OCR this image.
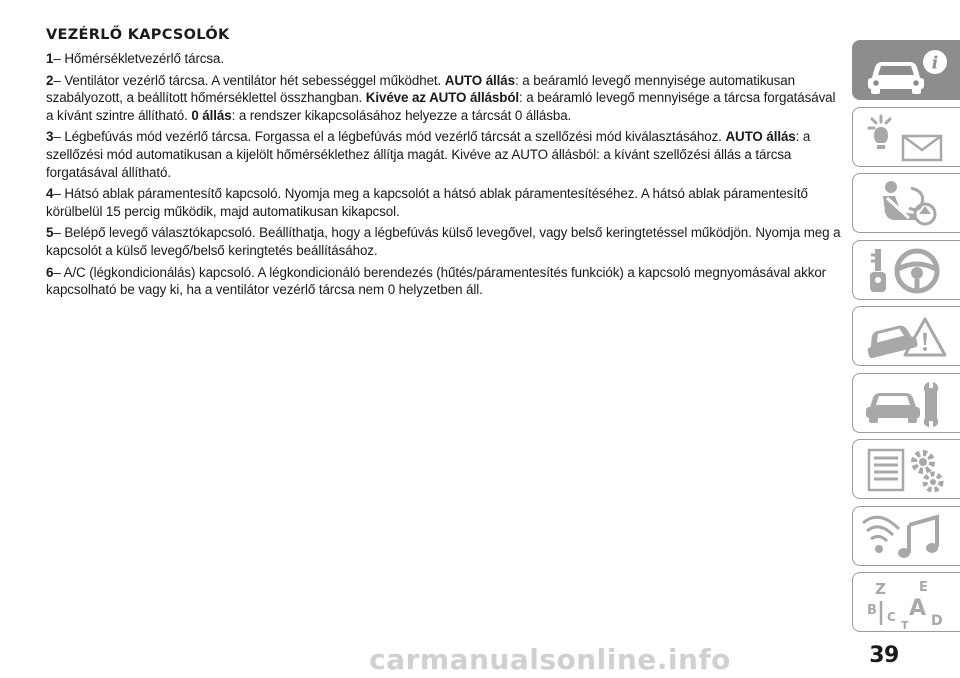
VEZÉRLŐ KAPCSOLÓK

1– Hőmérsékletvezérlő tárcsa.

2– Ventilátor vezérlő tárcsa. A ventilátor hét sebességgel működhet. AUTO állás: a beáramló levegő mennyisége automatikusan szabályozott, a beállított hőmérséklettel összhangban. Kivéve az AUTO állásból: a beáramló levegő mennyisége a tárcsa forgatásával a kívánt szintre állítható. 0 állás: a rendszer kikapcsolásához helyezze a tárcsát 0 állásba.

3– Légbefúvás mód vezérlő tárcsa. Forgassa el a légbefúvás mód vezérlő tárcsát a szellőzési mód kiválasztásához. AUTO állás: a szellőzési mód automatikusan a kijelölt hőmérséklethez állítja magát. Kivéve az AUTO állásból: a kívánt szellőzési állás a tárcsa forgatásával állítható.

4– Hátsó ablak páramentesítő kapcsoló. Nyomja meg a kapcsolót a hátsó ablak páramentesítéséhez. A hátsó ablak páramentesítő körülbelül 15 percig működik, majd automatikusan kikapcsol.

5– Belépő levegő választókapcsoló. Beállíthatja, hogy a légbefúvás külső levegővel, vagy belső keringtetéssel működjön. Nyomja meg a kapcsolót a külső levegő/belső keringtetés beállításához.

6– A/C (légkondicionálás) kapcsoló. A légkondicionáló berendezés (hűtés/páramentesítés funkciók) a kapcsoló megnyomásával akkor kapcsolható be vagy ki, ha a ventilátor vezérlő tárcsa nem 0 helyzetben áll.

i
Z	E
B A
C	D
T
carmanualsonline.info	39
